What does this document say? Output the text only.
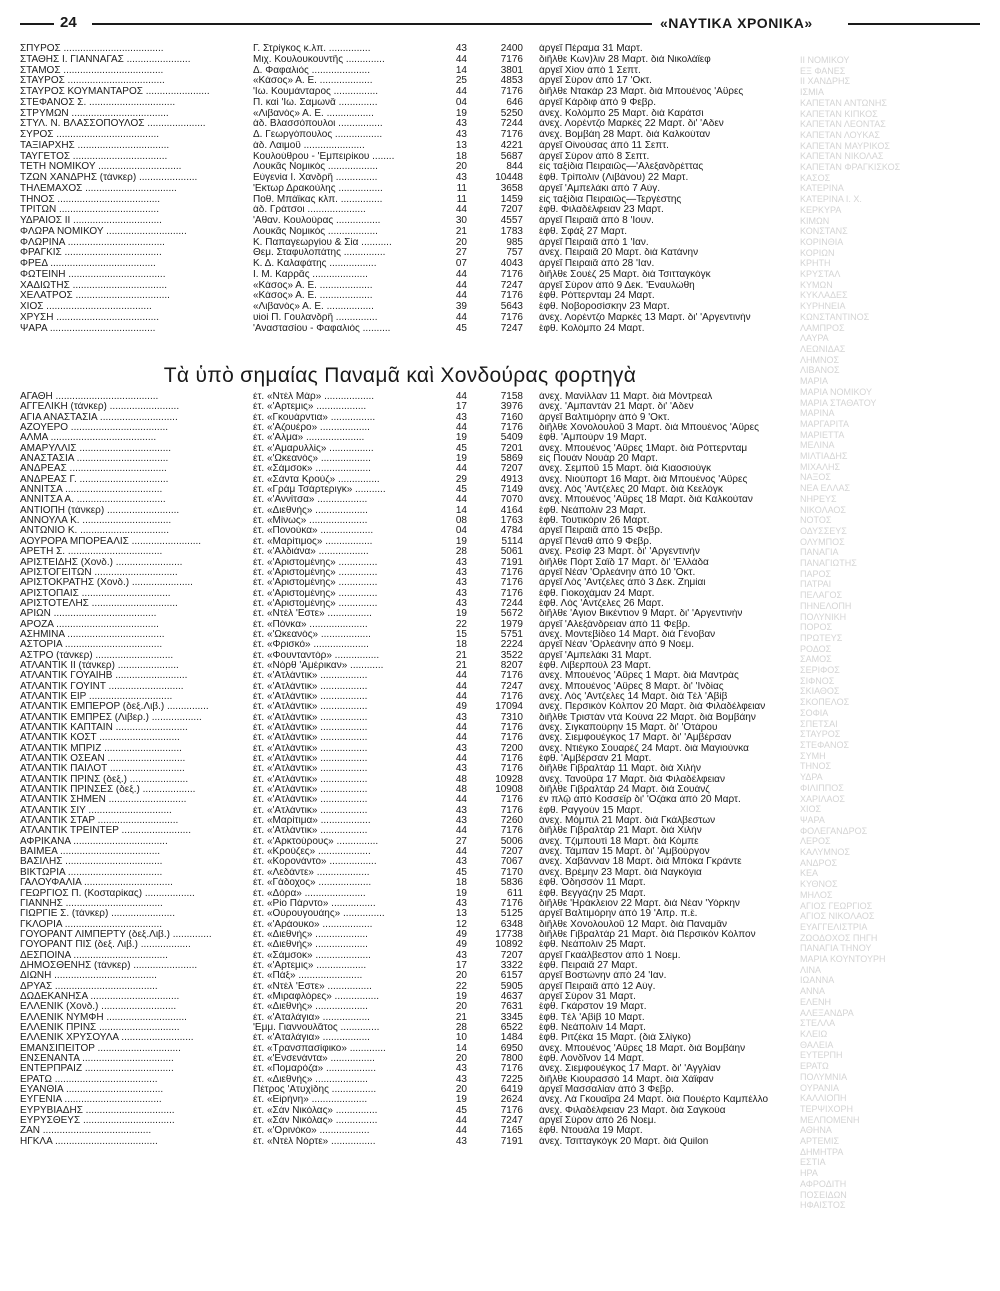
24	«ΝΑΥΤΙΚΑ ΧΡΟΝΙΚΑ»
ΙΙ ΝΟΜΙΚΟΥ
ΕΞ ΦΑΝΕΣ
ΙΙ ΧΑΝΔΡΗΣ
ΙΣΜΙΑ
ΚΑΠΕΤΑΝ ΑΝΤΩΝΗΣ
ΚΑΠΕΤΑΝ ΚΙΠΚΟΣ
ΚΑΠΕΤΑΝ ΛΕΟΝΤΑΣ
ΚΑΠΕΤΑΝ ΛΟΥΚΑΣ
ΚΑΠΕΤΑΝ ΜΑΥΡΙΚΟΣ
ΚΑΠΕΤΑΝ ΝΙΚΟΛΑΣ
ΚΑΠΕΤΑΝ ΦΡΑΓΚΙΣΚΟΣ
ΚΑΣΟΣ
ΚΑΤΕΡΙΝΑ
ΚΑΤΕΡΙΝΑ Ι. Χ.
ΚΕΡΚΥΡΑ
ΚΙΜΩΝ
ΚΟΝΣΤΑΝΣ
ΚΟΡΙΝΘΙΑ
ΚΟΡΙΩΝ
ΚΡΗΤΗ
ΚΡΥΣΤΑΛ
ΚΥΜΩΝ
ΚΥΚΛΑΔΕΣ
ΚΥΡΗΝΕΙΑ
ΚΩΝΣΤΑΝΤΙΝΟΣ
ΛΑΜΠΡΟΣ
ΛΑΥΡΑ
ΛΕΩΝΙΔΑΣ
ΛΗΜΝΟΣ
ΛΙΒΑΝΟΣ
ΜΑΡΙΑ
ΜΑΡΙΑ ΝΟΜΙΚΟΥ
ΜΑΡΙΑ ΣΤΑΘΑΤΟΥ
ΜΑΡΙΝΑ
ΜΑΡΓΑΡΙΤΑ
ΜΑΡΙΕΤΤΑ
ΜΕΛΙΝΑ
ΜΙΛΤΙΑΔΗΣ
ΜΙΧΑΛΗΣ
ΝΑΞΟΣ
ΝΕΑ ΕΛΛΑΣ
ΝΗΡΕΥΣ
ΝΙΚΟΛΑΟΣ
ΝΟΤΟΣ
ΟΔΥΣΣΕΥΣ
ΟΛΥΜΠΟΣ
ΠΑΝΑΓΙΑ
ΠΑΝΑΓΙΩΤΗΣ
ΠΑΡΟΣ
ΠΑΤΡΑΙ
ΠΕΛΑΓΟΣ
ΠΗΝΕΛΟΠΗ
ΠΟΛΥΝΙΚΗ
ΠΟΡΟΣ
ΠΡΩΤΕΥΣ
ΡΟΔΟΣ
ΣΑΜΟΣ
ΣΕΡΙΦΟΣ
ΣΙΦΝΟΣ
ΣΚΙΑΘΟΣ
ΣΚΟΠΕΛΟΣ
ΣΟΦΙΑ
ΣΠΕΤΣΑΙ
ΣΤΑΥΡΟΣ
ΣΤΕΦΑΝΟΣ
ΣΥΜΗ
ΤΗΝΟΣ
ΥΔΡΑ
ΦΙΛΙΠΠΟΣ
ΧΑΡΙΛΑΟΣ
ΧΙΟΣ
ΨΑΡΑ
ΦΟΛΕΓΑΝΔΡΟΣ
ΛΕΡΟΣ
ΚΑΛΥΜΝΟΣ
ΑΝΔΡΟΣ
ΚΕΑ
ΚΥΘΝΟΣ
ΜΗΛΟΣ
ΑΓΙΟΣ ΓΕΩΡΓΙΟΣ
ΑΓΙΟΣ ΝΙΚΟΛΑΟΣ
ΕΥΑΓΓΕΛΙΣΤΡΙΑ
ΖΩΟΔΟΧΟΣ ΠΗΓΗ
ΠΑΝΑΓΙΑ ΤΗΝΟΥ
ΜΑΡΙΑ ΚΟΥΝΤΟΥΡΗ
ΛΙΝΑ
ΙΩΑΝΝΑ
ΑΝΝΑ
ΕΛΕΝΗ
ΑΛΕΞΑΝΔΡΑ
ΣΤΕΛΛΑ
ΚΛΕΙΩ
ΘΑΛΕΙΑ
ΕΥΤΕΡΠΗ
ΕΡΑΤΩ
ΠΟΛΥΜΝΙΑ
ΟΥΡΑΝΙΑ
ΚΑΛΛΙΟΠΗ
ΤΕΡΨΙΧΟΡΗ
ΜΕΛΠΟΜΕΝΗ
ΑΘΗΝΑ
ΑΡΤΕΜΙΣ
ΔΗΜΗΤΡΑ
ΕΣΤΙΑ
ΗΡΑ
ΑΦΡΟΔΙΤΗ
ΠΟΣΕΙΔΩΝ
ΗΦΑΙΣΤΟΣ
ΣΠΥΡΟΣ ....................................	Γ. Στρίγκος κ.λπ. ...............	43	2400	άργεῖ Πέραμα 31 Μαρτ.
ΣΤΑΘΗΣ Ι. ΓΙΑΝΝΑΓΑΣ .......................	Μιχ. Κουλουκουντῆς ..............	44	7176	διῆλθε Κων)λιν 28 Μαρτ. διὰ Νικολάϊεφ
ΣΤΑΜΟΣ ....................................	Δ. Φαφαλιός .....................	14	3801	άργεῖ Χίον ἀπὸ 1 Σεπτ.
ΣΤΑΥΡΟΣ ...................................	«Κάσος» Α. Ε. ...................	25	4853	άργεῖ Σύρον ἀπὸ 17 'Οκτ.
ΣΤΑΥΡΟΣ ΚΟΥΜΑΝΤΑΡΟΣ .......................	'Ιω. Κουμάνταρος ................	44	7176	διῆλθε Ντακάρ 23 Μαρτ. διὰ Μπουένος 'Αϋρες
ΣΤΕΦΑΝΟΣ Σ. ...............................	Π. καὶ 'Ιω. Σαμωνᾶ ..............	04	646	άργεῖ Κάρδιφ ἀπὸ 9 Φεβρ.
ΣΤΡΥΜΩΝ ...................................	«Λιβανός» Α. Ε. .................	19	5250	ἀνεχ. Κολόμπο 25 Μαρτ. διὰ Καράτσι
ΣΤΥΛ. Ν. ΒΛΑΣΣΟΠΟΥΛΟΣ .....................	άδ. Βλασσόπουλοι ................	43	7244	ἀνεχ. Λορέντζο Μαρκὲς 22 Μαρτ. δι' 'Αδεν
ΣΥΡΟΣ .....................................	Δ. Γεωργόπουλος .................	43	7176	ἀνεχ. Βομβάη 28 Μαρτ. διὰ Καλκούταν
ΤΑΞΙΑΡΧΗΣ .................................	άδ. Λαιμοῦ ......................	13	4221	άργεῖ Οἰνούσας ἀπὸ 11 Σεπτ.
ΤΑΫΓΕΤΟΣ ..................................	Κουλούθρου - 'Εμπειρίκου ........	18	5687	άργεῖ Σύρον ἀπὸ 8 Σεπτ.
ΤΕΤΗ ΝΟΜΙΚΟΥ ..............................	Λουκᾶς Νομικός ..................	20	844	εἰς ταξίδια Πειραιῶς—'Αλεξανδρέττας
ΤΖΩΝ ΧΑΝΔΡΗΣ (τάνκερ) .....................	Εὐγενία Ι. Χανδρῆ ...............	43	10448	ἔφθ. Τρίπολιν (Λιβάνου) 22 Μαρτ.
ΤΗΛΕΜΑΧΟΣ .................................	'Εκτωρ Δρακούλης ................	11	3658	άργεῖ 'Αμπελάκι ἀπὸ 7 Αὐγ.
ΤΗΝΟΣ .....................................	Ποθ. Μπάϊκας κλπ. ...............	11	1459	εἰς ταξίδια Πειραιῶς—Τεργέστης
ΤΡΙΤΩΝ ....................................	άδ. Γράτσοι .....................	44	7207	ἔφθ. Φιλαδέλφειαν 23 Μαρτ.
ΥΔΡΑΙΟΣ ΙΙ ................................	'Αθαν. Κουλούρας ................	30	4557	άργεῖ Πειραιᾶ ἀπὸ 8 'Ιουν.
ΦΛΩΡΑ ΝΟΜΙΚΟΥ .............................	Λουκᾶς Νομικός ..................	21	1783	ἔφθ. Σφὰξ 27 Μαρτ.
ΦΛΩΡΙΝΑ ...................................	Κ. Παπαγεωργίου & Σία ...........	20	985	άργεῖ Πειραιᾶ ἀπὸ 1 'Ιαν.
ΦΡΑΓΚΙΣ ...................................	Θεμ. Σταφυλοπάτης ...............	27	757	ἀνεχ. Πειραιᾶ 20 Μαρτ. διὰ Κατάνην
ΦΡΕΔ ......................................	Κ. Δ. Καλαφάτης .................	07	4043	άργεῖ Πειραιᾶ ἀπὸ 28 'Ιαν.
ΦΩΤΕΙΝΗ ...................................	Ι. Μ. Καρρᾶς ....................	44	7176	διῆλθε Σουὲζ 25 Μαρτ. διὰ Τσιτταγκόγκ
ΧΑΔΙΩΤΗΣ ..................................	«Κάσος» Α. Ε. ...................	44	7247	άργεῖ Σύρον ἀπὸ 9 Δεκ. 'Εναυλώθη
ΧΕΛΑΤΡΟΣ ..................................	«Κάσος» Α. Ε. ...................	44	7176	ἔφθ. Ρόττερνταμ 24 Μαρτ.
ΧΙΟΣ ......................................	«Λιβανός» Α. Ε. .................	39	5643	ἔφθ. Νοβοροσίσκην 23 Μαρτ.
ΧΡΥΣΗ .....................................	υἱοὶ Π. Γουλανδρῆ ...............	44	7176	ἀνεχ. Λορέντζο Μαρκὲς 13 Μαρτ. δι' 'Αργεντινὴν
ΨΑΡΑ ......................................	'Αναστασίου - Φαφαλιὸς ..........	45	7247	ἔφθ. Κολόμπο 24 Μαρτ.
Τὰ ὑπὸ σημαίας Παναμᾶ καὶ Χονδούρας φορτηγὰ
ΑΓΑΘΗ .....................................	ἑτ. «Ντὲλ Μὰρ» ..................	44	7158	ἀνεχ. Μανίλλαν 11 Μαρτ. διὰ Μόντρεαλ
ΑΓΓΕΛΙΚΗ (τάνκερ) .........................	ἑτ. «'Αρτεμις» ..................	17	3976	ἀνεχ. 'Αμπαντὰν 21 Μαρτ. δι' 'Αδεν
ΑΓΙΑ ΑΝΑΣΤΑΣΙΑ ............................	ἑτ. «Γκουάρντια» ................	43	7160	άργεῖ Βαλτιμόρην ἀπὸ 9 'Οκτ.
ΑΖΟΥΕΡΟ ...................................	ἑτ. «'Αζουέρο» ..................	44	7176	διῆλθε Χονολουλοῦ 3 Μαρτ. διὰ Μπουένος 'Αϋρες
ΑΛΜΑ ......................................	ἑτ. «'Αλμα» .....................	19	5409	ἔφθ. 'Αμπούρν 19 Μαρτ.
ΑΜΑΡΥΛΛΙΣ .................................	ἑτ. «'Αμαρυλλίς» ................	45	7201	ἀνεχ. Μπουένος 'Αϋρες 1Μαρτ. διὰ Ρόττερνταμ
ΑΝΑΣΤΑΣΙΑ .................................	ἑτ. «'Ωκεανός» ..................	19	5869	εἰς Πουὰν Νουὰρ 20 Μαρτ.
ΑΝΔΡΕΑΣ ...................................	ἑτ. «Σάμσοκ» ....................	44	7207	ἀνεχ. Σεμποῦ 15 Μαρτ. διὰ Κιαοσιούγκ
ΑΝΔΡΕΑΣ Γ. ................................	ἑτ. «Σάντα Κρούζ» ...............	29	4913	ἀνεχ. Νιούπορτ 16 Μαρτ. διὰ Μπουένος 'Αϋρες
ΑΝΝΙΤΣΑ ...................................	ἑτ. «Γράμ Τσάρτεριγκ» ...........	45	7149	ἀνεχ. Λὸς 'Αντζελες 20 Μαρτ. διὰ Κεελόγκ
ΑΝΝΙΤΣΑ Α. ................................	ἑτ. «'Αννίτσα» ..................	44	7070	ἀνεχ. Μπουένος 'Αϋρες 18 Μαρτ. διὰ Καλκούταν
ΑΝΤΙΟΠΗ (τάνκερ) ..........................	ἑτ. «Διεθνὴς» ...................	14	4164	ἔφθ. Νεάπολιν 23 Μαρτ.
ΑΝΝΟΥΛΑ Κ. ................................	ἑτ. «Μίνως» .....................	08	1763	ἔφθ. Τουτικόριν 26 Μαρτ.
ΑΝΤΩΝΙΟ Κ. ................................	ἑτ. «Πονούκα» ...................	04	4784	άργεῖ Πειραιᾶ ἀπὸ 15 Φεβρ.
ΑΟΥΡΟΡΑ ΜΠΟΡΕΑΛΙΣ .........................	ἑτ. «Μαρίτιμος» .................	19	5114	άργεῖ Πέναθ ἀπὸ 9 Φεβρ.
ΑΡΕΤΗ Σ. ..................................	ἑτ. «'Αλδιάνα» ..................	28	5061	ἀνεχ. Ρεσὶφ 23 Μαρτ. δι' 'Αργεντινὴν
ΑΡΙΣΤΕΙΔΗΣ (Χονδ.) ........................	ἑτ. «'Αριστομένης» ..............	43	7191	διῆλθε Πὸρτ Σαῒδ 17 Μαρτ. δι' 'Ελλάδα
ΑΡΙΣΤΟΓΕΙΤΩΝ ..............................	ἑτ. «'Αριστομένης» ..............	43	7176	άργεῖ Νέαν 'Ορλεάνην ἀπὸ 10 'Οκτ.
ΑΡΙΣΤΟΚΡΑΤΗΣ (Χονδ.) ......................	ἑτ. «'Αριστομένης» ..............	43	7176	άργεῖ Λὸς 'Αντζελες ἀπὸ 3 Δεκ. Ζημίαι
ΑΡΙΣΤΟΠΑΙΣ ................................	ἑτ. «'Αριστομένης» ..............	43	7176	ἔφθ. Γιοκοχάμαν 24 Μαρτ.
ΑΡΙΣΤΟΤΕΛΗΣ ...............................	ἑτ. «'Αριστομένης» ..............	43	7244	ἔφθ. Λὸς 'Αντζελες 26 Μαρτ.
ΑΡΙΩΝ .....................................	ἑτ. «Ντὲλ 'Εστε» ................	19	5672	διῆλθε 'Αγιον Βικέντιον 9 Μαρτ. δι' 'Αργεντινὴν
ΑΡΟΖΑ .....................................	ἑτ. «Πόνκα» .....................	22	1979	άργεῖ 'Αλεξάνδρειαν ἀπὸ 11 Φεβρ.
ΑΣΗΜΙΝΑ ...................................	ἑτ. «'Ωκεανὸς» ..................	15	5751	ἀνεχ. Μοντεβίδεο 14 Μαρτ. διὰ Γένοβαν
ΑΣΤΟΡΙΑ ...................................	ἑτ. «Φρισκό» ....................	18	2224	άργεῖ Νέαν 'Ορλεάνην ἀπὸ 9 Νοεμ.
ΑΣΤΡΟ (τάνκερ) ............................	ἑτ. «Φουνταντὸρ» ................	21	3522	άργεῖ 'Αμπελάκι 31 Μαρτ.
ΑΤΛΑΝΤΙΚ ΙΙ (τάνκερ) ......................	ἑτ. «Νὸρθ 'Αμέρικαν» ............	21	8207	ἔφθ. Λιβερπούλ 23 Μαρτ.
ΑΤΛΑΝΤΙΚ ΓΟΥΑΙΗΒ ..........................	ἑτ. «'Ατλάντικ» .................	44	7176	ἀνεχ. Μπουένος 'Αϋρες 1 Μαρτ. διὰ Μαντρὰς
ΑΤΛΑΝΤΙΚ ΓΟΥΪΝΤ ...........................	ἑτ. «'Ατλάντικ» .................	44	7247	ἀνεχ. Μπουένος 'Αϋρες 8 Μαρτ. δι' 'Ινδίας
ΑΤΛΑΝΤΙΚ ΕΪΡ ..............................	ἑτ. «'Ατλάντικ» .................	44	7176	ἀνεχ. Λὸς 'Αντζελες 14 Μαρτ. διὰ Τὲλ 'Αβίβ
ΑΤΛΑΝΤΙΚ ΕΜΠΕΡΟΡ (δεξ.Λιβ.) ...............	ἑτ. «'Ατλάντικ» .................	49	17094	ἀνεχ. Περσικὸν Κόλπον 20 Μαρτ. διὰ Φιλαδέλφειαν
ΑΤΛΑΝΤΙΚ ΕΜΠΡΕΣ (Λιβερ.) ..................	ἑτ. «'Ατλάντικ» .................	43	7310	διῆλθε Τριστὰν ντὰ Κούνα 22 Μαρτ. διὰ Βομβάην
ΑΤΛΑΝΤΙΚ ΚΑΠΤΑΙΝ ..........................	ἑτ. «'Ατλάντικ» .................	44	7176	ἀνεχ. Σιγκαπούρην 15 Μαρτ. δι' 'Οτάρου
ΑΤΛΑΝΤΙΚ ΚΟΣΤ .............................	ἑτ. «'Ατλάντικ» .................	44	7176	ἀνεχ. Σιεμφουέγκος 17 Μαρτ. δι' 'Αμβέρσαν
ΑΤΛΑΝΤΙΚ ΜΠΡΙΖ ............................	ἑτ. «'Ατλάντικ» .................	43	7200	ἀνεχ. Ντιέγκο Σουαρὲζ 24 Μαρτ. διὰ Μαγιούνκα
ΑΤΛΑΝΤΙΚ ΟΣΕΑΝ ............................	ἑτ. «'Ατλάντικ» .................	44	7176	ἔφθ. 'Αμβέρσαν 21 Μαρτ.
ΑΤΛΑΝΤΙΚ ΠΑΪΛΟΤ ...........................	ἑτ. «'Ατλάντικ» .................	43	7176	διῆλθε Γιβραλτὰρ 11 Μαρτ. διὰ Χιλὴν
ΑΤΛΑΝΤΙΚ ΠΡΙΝΣ (δεξ.) .....................	ἑτ. «'Ατλάντικ» .................	48	10928	ἀνεχ. Τανοῦρα 17 Μαρτ. διὰ Φιλαδέλφειαν
ΑΤΛΑΝΤΙΚ ΠΡΙΝΣΕΣ (δεξ.) ...................	ἑτ. «'Ατλάντικ» .................	48	10908	διῆλθε Γιβραλτὰρ 24 Μαρτ. διὰ Σουὰνζ
ΑΤΛΑΝΤΙΚ ΣΗΜΕΝ ............................	ἑτ. «'Ατλάντικ» .................	44	7176	ἐν πλῷ ἀπὸ Κοσσεῒρ δι' 'Οζάκα ἀπὸ 20 Μαρτ.
ΑΤΛΑΝΤΙΚ ΣΙΫ ..............................	ἑτ. «'Ατλάντικ» .................	43	7176	ἔφθ. Ραγγοὺν 15 Μαρτ.
ΑΤΛΑΝΤΙΚ ΣΤΑΡ .............................	ἑτ. «Μαρίτιμα» ..................	43	7260	ἀνεχ. Μόμπιλ 21 Μαρτ. διὰ Γκάλβεστων
ΑΤΛΑΝΤΙΚ ΤΡΕΪΝΤΕΡ .........................	ἑτ. «'Ατλάντικ» .................	44	7176	διῆλθε Γιβραλτὰρ 21 Μαρτ. διὰ Χιλὴν
ΑΦΡΙΚΑΝΑ ..................................	ἑτ. «'Αρκτούρους» ...............	27	5006	ἀνεχ. Τζιμπουτὶ 18 Μαρτ. διὰ Κόμπε
ΒΑΪΜΕΑ ....................................	ἑτ. «Κρούζες» ...................	44	7207	ἀνεχ. Τάμπαν 15 Μαρτ. δι' 'Αμβούργον
ΒΑΣΙΛΗΣ ...................................	ἑτ. «Κορονάντο» .................	43	7067	ἀνεχ. Χαβάνναν 18 Μαρτ. διὰ Μπόκα Γκράντε
ΒΙΚΤΩΡΙΑ ..................................	ἑτ. «Λεδάντε» ...................	45	7170	ἀνεχ. Βρέμην 23 Μαρτ. διὰ Ναγκόγια
ΓΑΛΟΥΦΑΛΙΑ ................................	ἑτ. «Γάδοχος» ...................	18	5836	ἔφθ. Ὀδησσὸν 11 Μαρτ.
ΓΕΩΡΓΙΟΣ Π. (Κοσταρίκας) ..................	ἑτ. «Δόρα» ......................	19	611	ἔφθ. Βεγγάζην 25 Μαρτ.
ΓΙΑΝΝΗΣ ...................................	ἑτ. «Ρίο Πάρντο» ................	43	7176	διῆλθε 'Ηράκλειον 22 Μαρτ. διὰ Νέαν 'Υόρκην
ΓΙΩΡΓΙΕ Σ. (τάνκερ) .......................	ἑτ. «Οὐρουγουάης» ...............	13	5125	ἀργεῖ Βαλτιμόρην ἀπὸ 19 'Απρ. π.ἔ.
ΓΚΛΟΡΙΑ ...................................	ἑτ. «'Αράουκο» ..................	12	6348	διῆλθε Χονολουλοῦ 12 Μαρτ. διὰ Παναμᾶν
ΓΟΥΟΡΑΝΤ ΛΙΜΠΕΡΤΥ (δεξ.Λιβ.) ..............	ἑτ. «Διεθνὴς» ...................	49	17738	διῆλθε Γιβραλτὰρ 21 Μαρτ. διὰ Περσικὸν Κόλπον
ΓΟΥΟΡΑΝΤ ΠΙΣ (δεξ. Λιβ.) ..................	ἑτ. «Διεθνὴς» ...................	49	10892	ἔφθ. Νεάπολιν 25 Μαρτ.
ΔΕΣΠΟΙΝΑ ..................................	ἑτ. «Σάμσοκ» ....................	43	7207	άργεῖ Γκαάλβεστον ἀπὸ 1 Νοεμ.
ΔΗΜΟΣΘΕΝΗΣ (τάνκερ) .......................	ἑτ. «'Αρτεμις» ..................	17	3322	ἔφθ. Πειραιᾶ 27 Μαρτ.
ΔΙΩΝΗ .....................................	ἑτ. «Πὰξ» .......................	20	6157	άργεῖ Βοστώνην ἀπὸ 24 'Ιαν.
ΔΡΥΑΣ .....................................	ἑτ. «Ντὲλ 'Εστε» ................	22	5905	άργεῖ Πειραιᾶ ἀπὸ 12 Αὐγ.
ΔΩΔΕΚΑΝΗΣΑ ................................	ἑτ. «Μιραφλόρες» ................	19	4637	άργεῖ Σύρον 31 Μαρτ.
ΕΛΛΕΝΙΚ (Χονδ.) ...........................	ἑτ. «Διεθνὴς» ...................	20	7631	ἔφθ. Γκάρστον 19 Μαρτ.
ΕΛΛΕΝΙΚ ΝΥΜΦΗ .............................	ἑτ. «'Αταλάγια» .................	21	3345	ἔφθ. Τὲλ 'Αβὶβ 10 Μαρτ.
ΕΛΛΕΝΙΚ ΠΡΙΝΣ .............................	'Εμμ. Γιαννουλᾶτος ..............	28	6522	ἔφθ. Νεάπολιν 14 Μαρτ.
ΕΛΛΕΝΙΚ ΧΡΥΣΟΥΛΑ ..........................	ἑτ. «'Αταλάγια» .................	10	1484	ἔφθ. Ριτζέκα 15 Μαρτ. (διὰ Σλίγκο)
ΕΜΑΝΣΙΠΕΪΤΟΡ ..............................	ἑτ. «Τρανσπασίφικο» .............	14	6950	ἀνεχ. Μπουένος 'Αϋρες 18 Μαρτ. διὰ Βομβάην
ΕΝΣΕΝΑΝΤΑ .................................	ἑτ. «'Ενσενάντα» ................	20	7800	ἔφθ. Λονδῖνον 14 Μαρτ.
ΕΝΤΕΡΠΡΑΪΖ ................................	ἑτ. «Πομαρόζα» ..................	43	7176	ἀνεχ. Σιεμφουέγκος 17 Μαρτ. δι' 'Αγγλίαν
ΕΡΑΤΩ .....................................	ἑτ. «Διεθνὴς» ...................	43	7225	διῆλθε Κιουρασσὸ 14 Μαρτ. διὰ Χάϊφαν
ΕΥΑΝΘΙΑ ...................................	Πέτρος 'Ατυχίδης ................	20	6419	άργεῖ Μασσαλίαν ἀπὸ 3 Φεβρ.
ΕΥΓΕΝΙΑ ...................................	ἑτ. «Εἰρήνη» ....................	19	2624	ἀνεχ. Λὰ Γκουαΐρα 24 Μαρτ. διὰ Πουέρτο Καμπέλλο
ΕΥΡΥΒΙΑΔΗΣ ................................	ἑτ. «Σὰν Νικόλας» ...............	45	7176	ἀνεχ. Φιλαδέλφειαν 23 Μαρτ. διὰ Σαγκούα
ΕΥΡΥΣΘΕΥΣ .................................	ἑτ. «Σὰν Νικόλας» ...............	44	7247	άργεῖ Σύρον ἀπὸ 26 Νοεμ.
ΖΑΝ .......................................	ἑτ. «'Ορινόκο» ..................	44	7165	ἔφθ. Ντουάλα 19 Μαρτ.
ΗΓΚΛΑ .....................................	ἑτ. «Ντὲλ Νόρτε» ................	43	7191	ἀνεχ. Τσιτταγκόγκ 20 Μαρτ. διὰ Quilon
